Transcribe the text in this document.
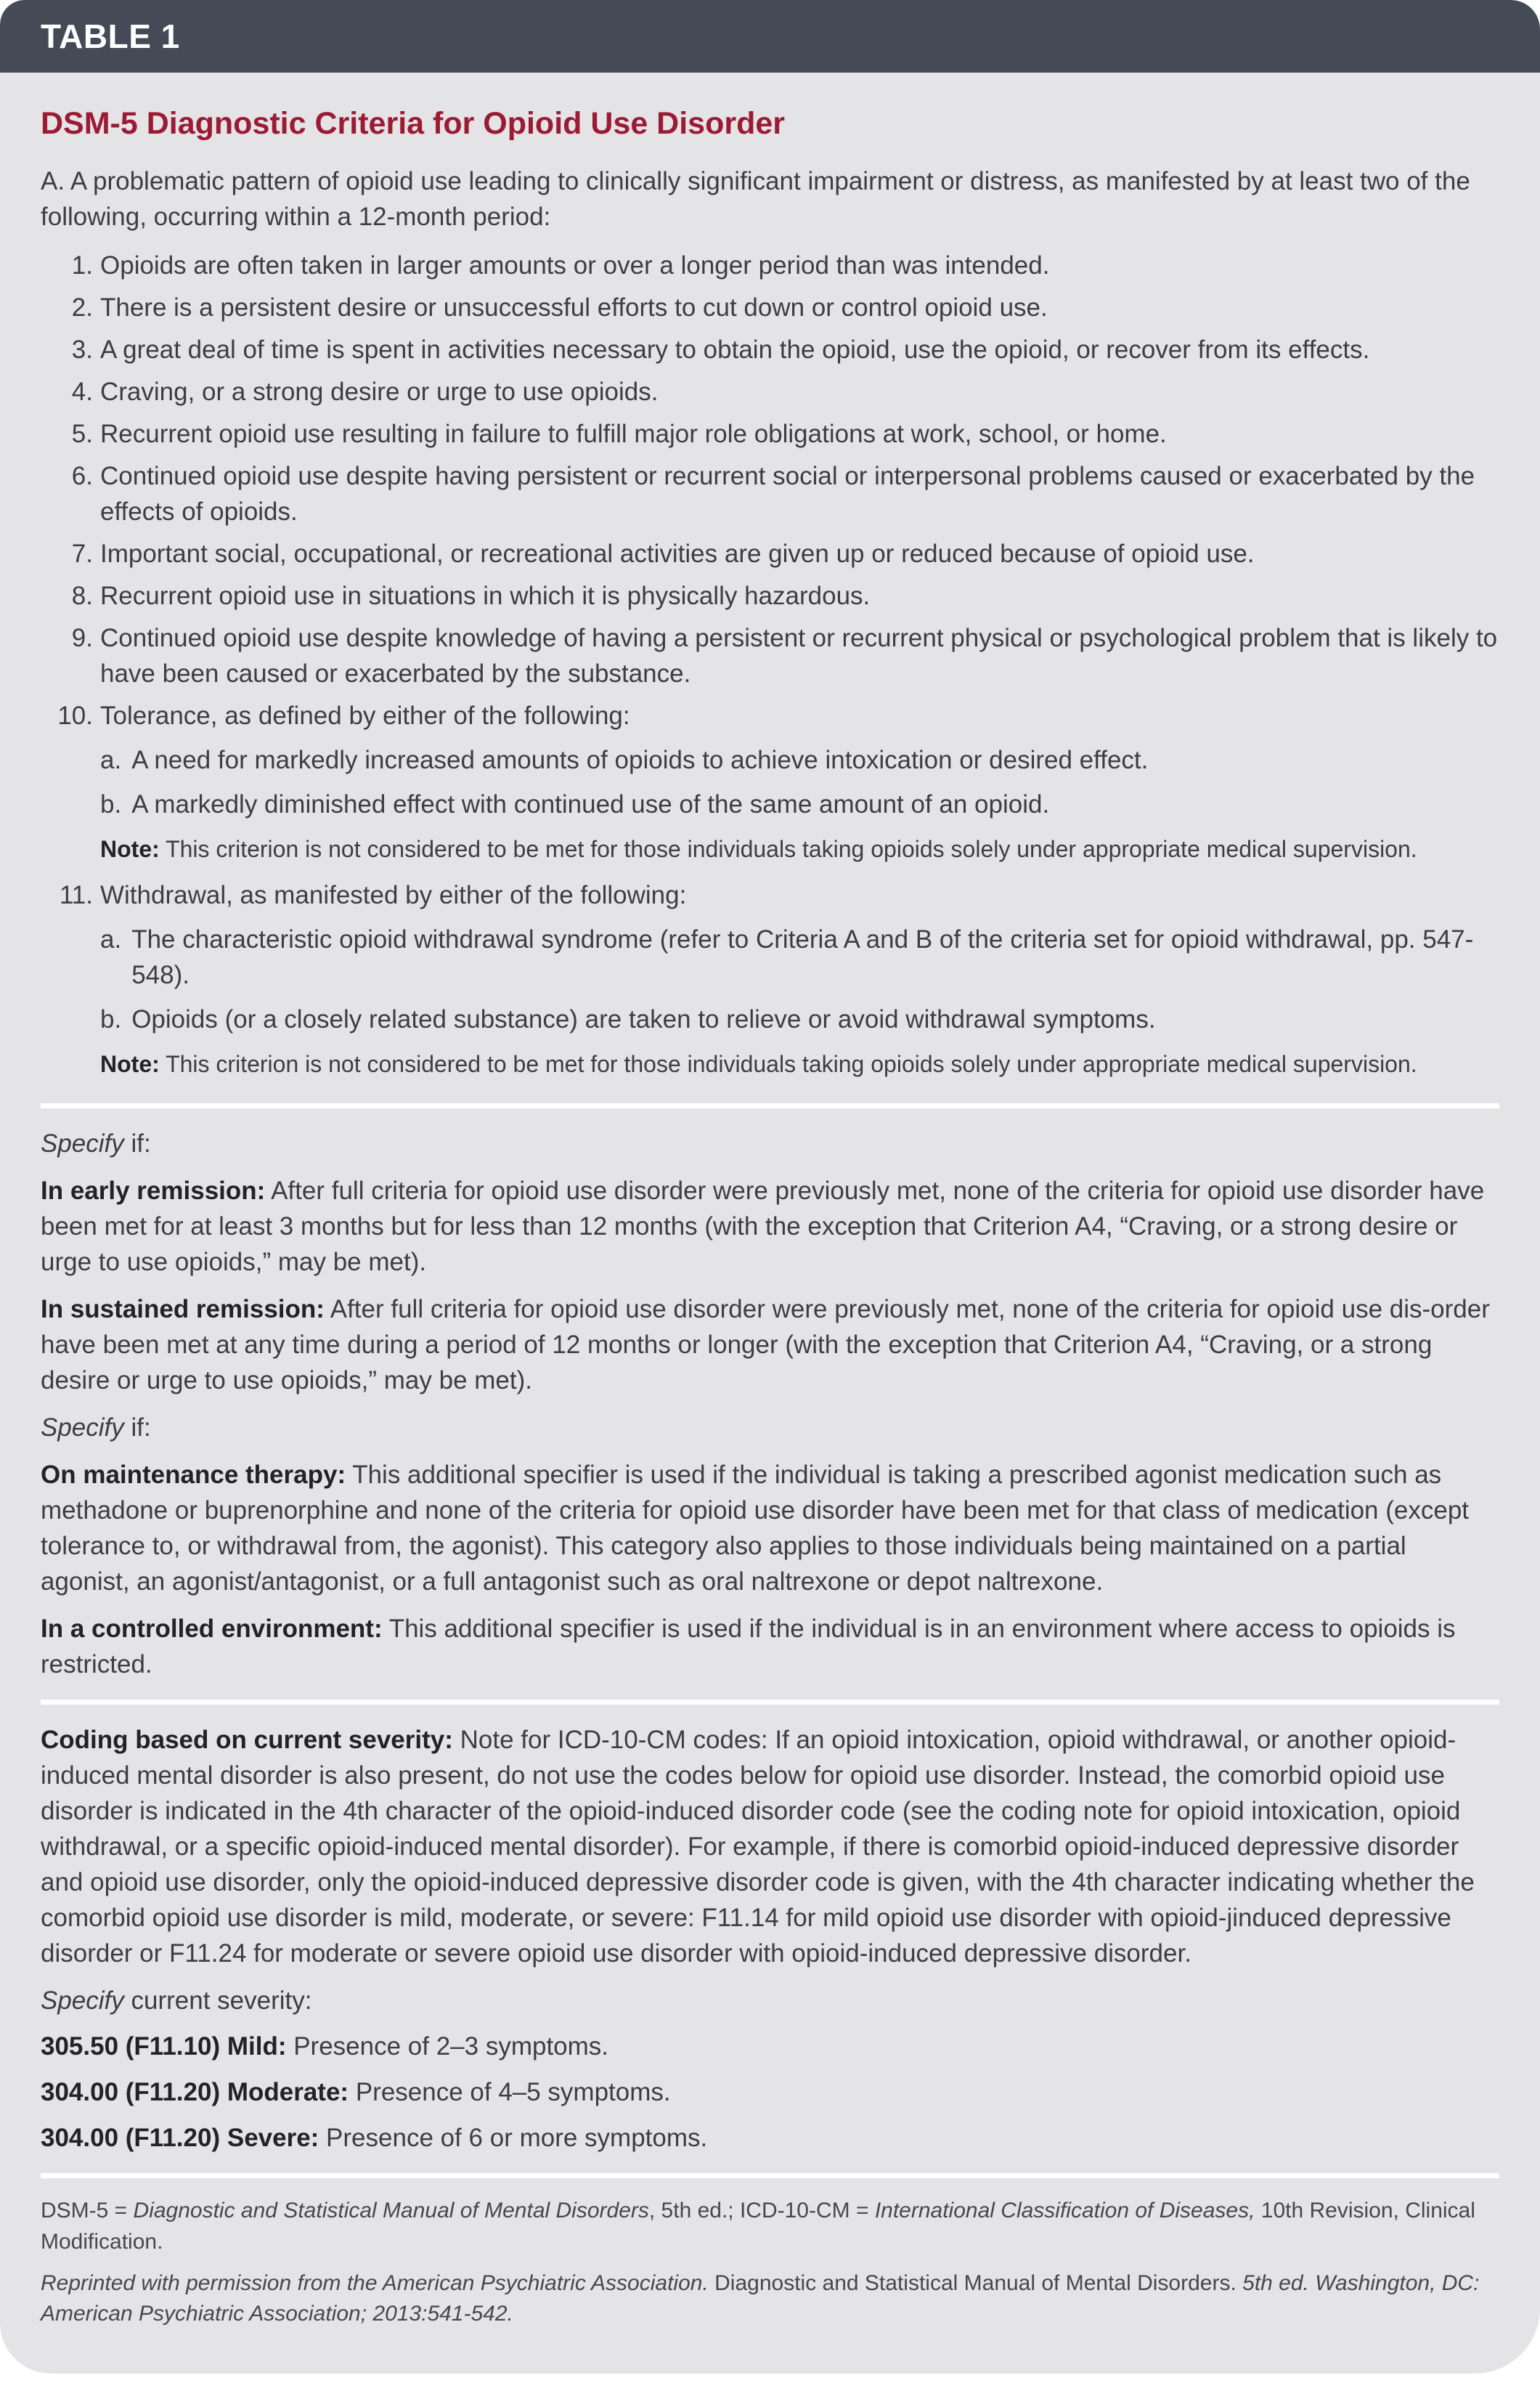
TABLE 1
DSM-5 Diagnostic Criteria for Opioid Use Disorder

A. A problematic pattern of opioid use leading to clinically significant impairment or distress, as manifested by at least two of the following, occurring within a 12-month period:

1. Opioids are often taken in larger amounts or over a longer period than was intended.
2. There is a persistent desire or unsuccessful efforts to cut down or control opioid use.
3. A great deal of time is spent in activities necessary to obtain the opioid, use the opioid, or recover from its effects.
4. Craving, or a strong desire or urge to use opioids.
5. Recurrent opioid use resulting in failure to fulfill major role obligations at work, school, or home.
6. Continued opioid use despite having persistent or recurrent social or interpersonal problems caused or exacerbated by the effects of opioids.
7. Important social, occupational, or recreational activities are given up or reduced because of opioid use.
8. Recurrent opioid use in situations in which it is physically hazardous.
9. Continued opioid use despite knowledge of having a persistent or recurrent physical or psychological problem that is likely to have been caused or exacerbated by the substance.
10. Tolerance, as defined by either of the following:
a. A need for markedly increased amounts of opioids to achieve intoxication or desired effect.
b. A markedly diminished effect with continued use of the same amount of an opioid.
Note: This criterion is not considered to be met for those individuals taking opioids solely under appropriate medical supervision.
11. Withdrawal, as manifested by either of the following:
a. The characteristic opioid withdrawal syndrome (refer to Criteria A and B of the criteria set for opioid withdrawal, pp. 547-548).
b. Opioids (or a closely related substance) are taken to relieve or avoid withdrawal symptoms.
Note: This criterion is not considered to be met for those individuals taking opioids solely under appropriate medical supervision.

Specify if:

In early remission: After full criteria for opioid use disorder were previously met, none of the criteria for opioid use disorder have been met for at least 3 months but for less than 12 months (with the exception that Criterion A4, “Craving, or a strong desire or urge to use opioids,” may be met).

In sustained remission: After full criteria for opioid use disorder were previously met, none of the criteria for opioid use dis-order have been met at any time during a period of 12 months or longer (with the exception that Criterion A4, “Craving, or a strong desire or urge to use opioids,” may be met).

Specify if:

On maintenance therapy: This additional specifier is used if the individual is taking a prescribed agonist medication such as methadone or buprenorphine and none of the criteria for opioid use disorder have been met for that class of medication (except tolerance to, or withdrawal from, the agonist). This category also applies to those individuals being maintained on a partial agonist, an agonist/antagonist, or a full antagonist such as oral naltrexone or depot naltrexone.

In a controlled environment: This additional specifier is used if the individual is in an environment where access to opioids is restricted.

Coding based on current severity: Note for ICD-10-CM codes: If an opioid intoxication, opioid withdrawal, or another opioid-induced mental disorder is also present, do not use the codes below for opioid use disorder. Instead, the comorbid opioid use disorder is indicated in the 4th character of the opioid-induced disorder code (see the coding note for opioid intoxication, opioid withdrawal, or a specific opioid-induced mental disorder). For example, if there is comorbid opioid-induced depressive disorder and opioid use disorder, only the opioid-induced depressive disorder code is given, with the 4th character indicating whether the comorbid opioid use disorder is mild, moderate, or severe: F11.14 for mild opioid use disorder with opioid-jinduced depressive disorder or F11.24 for moderate or severe opioid use disorder with opioid-induced depressive disorder.

Specify current severity:

305.50 (F11.10) Mild: Presence of 2–3 symptoms.

304.00 (F11.20) Moderate: Presence of 4–5 symptoms.

304.00 (F11.20) Severe: Presence of 6 or more symptoms.

DSM-5 = Diagnostic and Statistical Manual of Mental Disorders, 5th ed.; ICD-10-CM = International Classification of Diseases, 10th Revision, Clinical Modification.

Reprinted with permission from the American Psychiatric Association. Diagnostic and Statistical Manual of Mental Disorders. 5th ed. Washington, DC: American Psychiatric Association; 2013:541-542.
